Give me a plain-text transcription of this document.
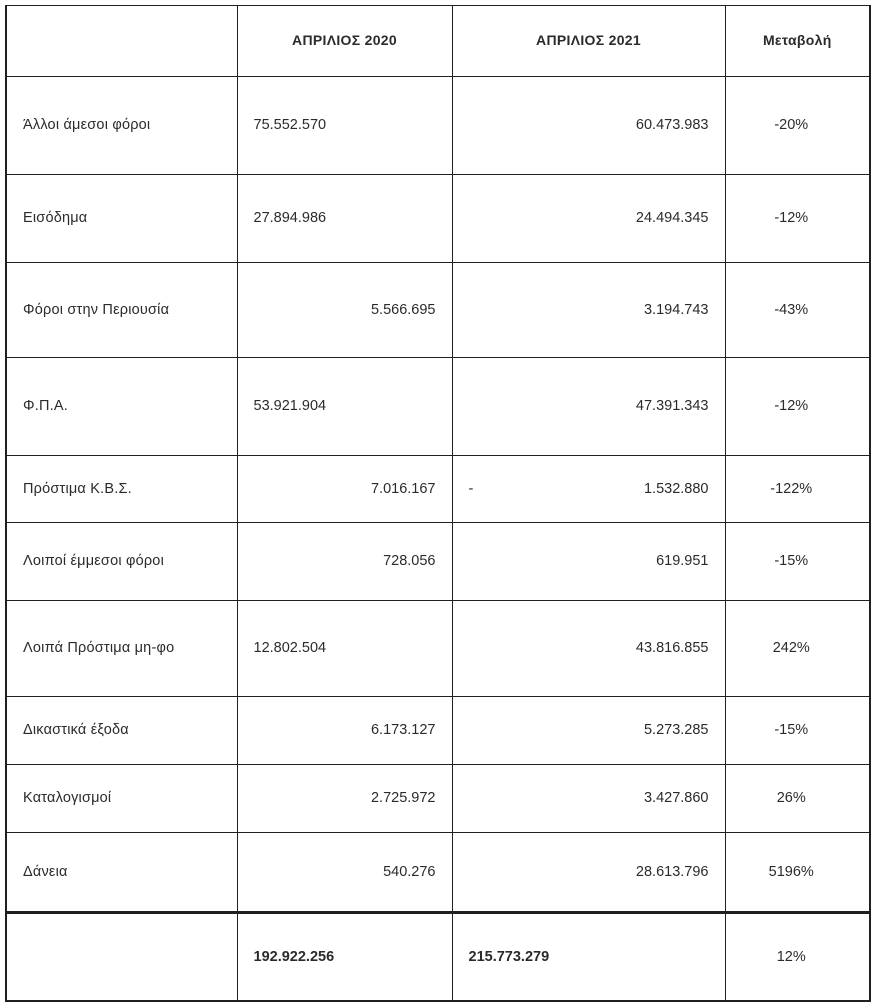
	ΑΠΡΙΛΙΟΣ 2020	ΑΠΡΙΛΙΟΣ 2021	Μεταβολή

Άλλοι άμεσοι φόροι	75.552.570	60.473.983	-20%

Εισόδημα	27.894.986	24.494.345	-12%

Φόροι στην Περιουσία	5.566.695	3.194.743	-43%

Φ.Π.Α.	53.921.904	47.391.343	-12%

Πρόστιμα Κ.Β.Σ.	7.016.167	- 1.532.880	-122%

Λοιποί έμμεσοι φόροι	728.056	619.951	-15%

Λοιπά Πρόστιμα μη-φο	12.802.504	43.816.855	242%

Δικαστικά έξοδα	6.173.127	5.273.285	-15%

Καταλογισμοί	2.725.972	3.427.860	26%

Δάνεια	540.276	28.613.796	5196%
	192.922.256	215.773.279	12%
